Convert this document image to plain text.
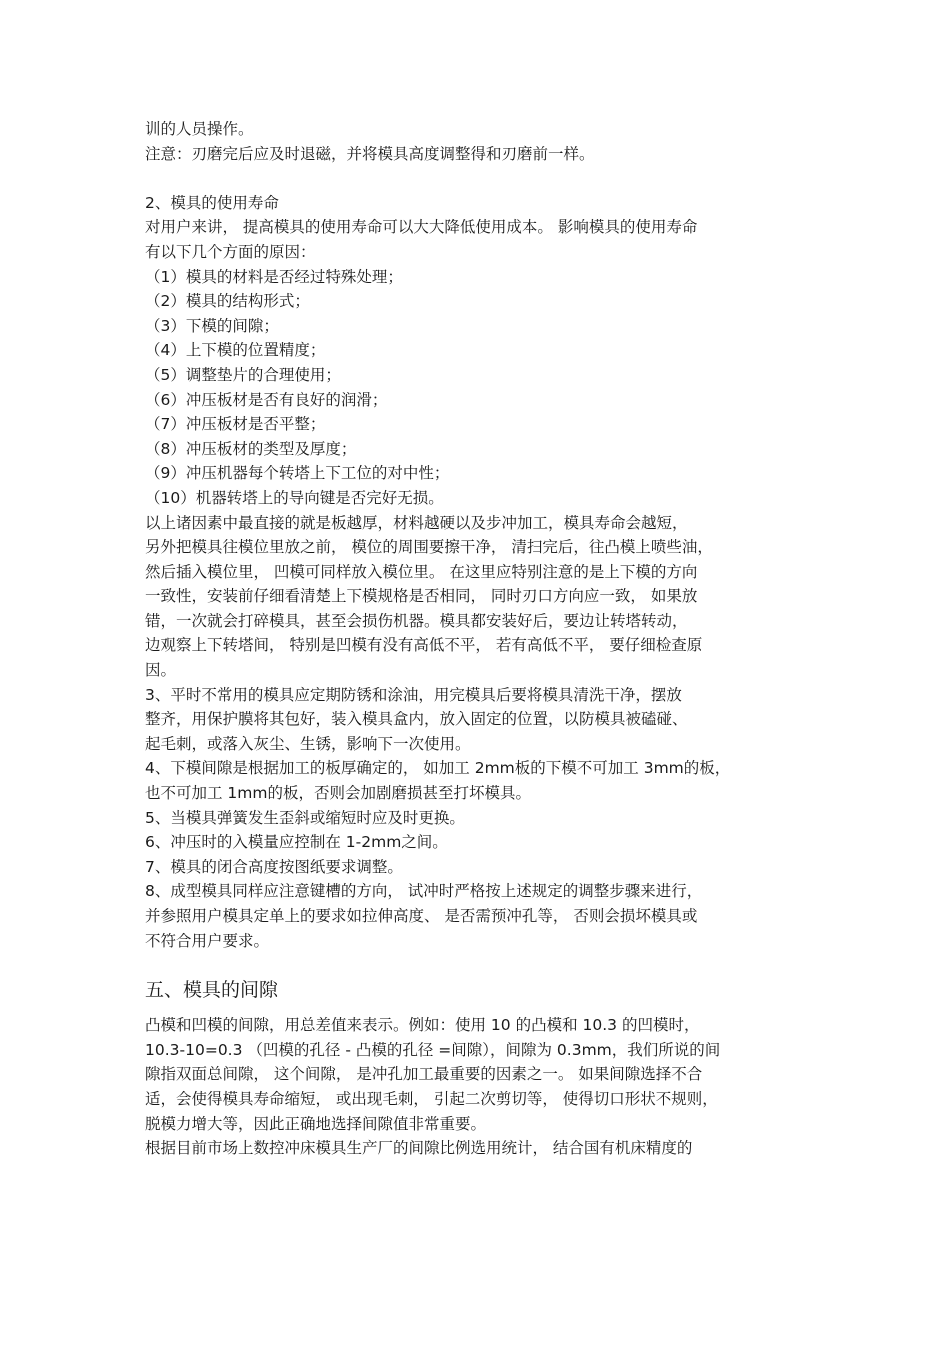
训的人员操作。
注意：刃磨完后应及时退磁，并将模具高度调整得和刃磨前一样。
2、模具的使用寿命
对用户来讲， 提高模具的使用寿命可以大大降低使用成本。 影响模具的使用寿命
有以下几个方面的原因：
（1）模具的材料是否经过特殊处理；
（2）模具的结构形式；
（3）下模的间隙；
（4）上下模的位置精度；
（5）调整垫片的合理使用；
（6）冲压板材是否有良好的润滑；
（7）冲压板材是否平整；
（8）冲压板材的类型及厚度；
（9）冲压机器每个转塔上下工位的对中性；
（10）机器转塔上的导向键是否完好无损。
以上诸因素中最直接的就是板越厚，材料越硬以及步冲加工，模具寿命会越短，
另外把模具往模位里放之前， 模位的周围要擦干净， 清扫完后，往凸模上喷些油，
然后插入模位里， 凹模可同样放入模位里。 在这里应特别注意的是上下模的方向
一致性，安装前仔细看清楚上下模规格是否相同， 同时刃口方向应一致， 如果放
错，一次就会打碎模具，甚至会损伤机器。模具都安装好后，要边让转塔转动，
边观察上下转塔间， 特别是凹模有没有高低不平， 若有高低不平， 要仔细检查原
因。
3、平时不常用的模具应定期防锈和涂油，用完模具后要将模具清洗干净，摆放
整齐，用保护膜将其包好，装入模具盒内，放入固定的位置，以防模具被磕碰、
起毛刺，或落入灰尘、生锈，影响下一次使用。
4、下模间隙是根据加工的板厚确定的， 如加工 2mm板的下模不可加工 3mm的板，
也不可加工 1mm的板，否则会加剧磨损甚至打坏模具。
5、当模具弹簧发生歪斜或缩短时应及时更换。
6、冲压时的入模量应控制在 1-2mm之间。
7、模具的闭合高度按图纸要求调整。
8、成型模具同样应注意键槽的方向， 试冲时严格按上述规定的调整步骤来进行，
并参照用户模具定单上的要求如拉伸高度、 是否需预冲孔等， 否则会损坏模具或
不符合用户要求。
五、模具的间隙
凸模和凹模的间隙，用总差值来表示。例如：使用 10 的凸模和 10.3 的凹模时，
10.3-10=0.3 （凹模的孔径 - 凸模的孔径 =间隙），间隙为 0.3mm，我们所说的间
隙指双面总间隙， 这个间隙， 是冲孔加工最重要的因素之一。 如果间隙选择不合
适，会使得模具寿命缩短， 或出现毛刺， 引起二次剪切等， 使得切口形状不规则，
脱模力增大等，因此正确地选择间隙值非常重要。
根据目前市场上数控冲床模具生产厂的间隙比例选用统计， 结合国有机床精度的
